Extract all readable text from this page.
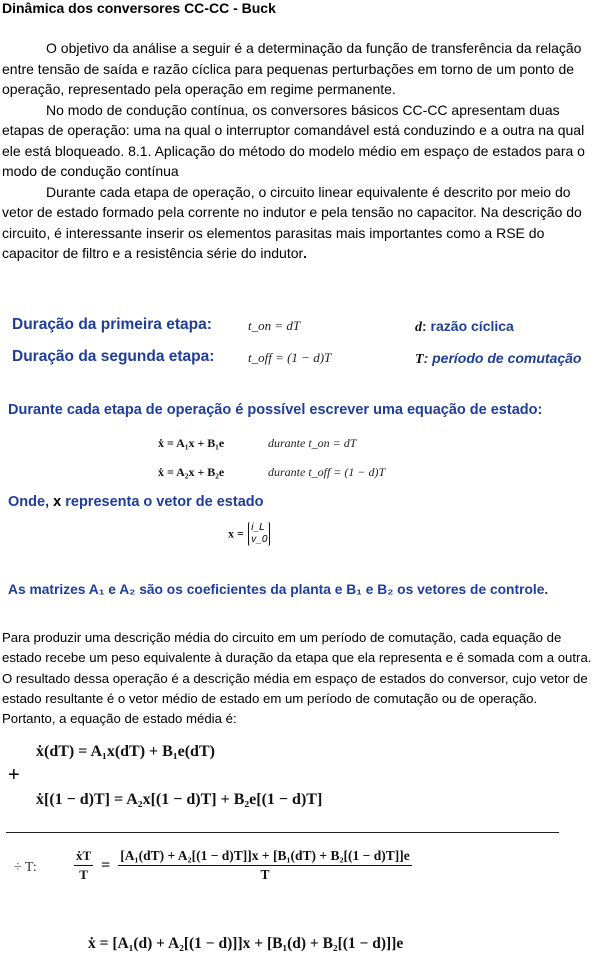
Dinâmica dos conversores CC-CC - Buck

O objetivo da análise a seguir é a determinação da função de transferência da relação entre tensão de saída e razão cíclica para pequenas perturbações em torno de um ponto de operação, representado pela operação em regime permanente.
No modo de condução contínua, os conversores básicos CC-CC apresentam duas etapas de operação: uma na qual o interruptor comandável está conduzindo e a outra na qual ele está bloqueado. 8.1. Aplicação do método do modelo médio em espaço de estados para o modo de condução contínua
Durante cada etapa de operação, o circuito linear equivalente é descrito por meio do vetor de estado formado pela corrente no indutor e pela tensão no capacitor. Na descrição do circuito, é interessante inserir os elementos parasitas mais importantes como a RSE do capacitor de filtro e a resistência série do indutor.

Duração da primeira etapa:	t_on = dT	d: razão cíclica
Duração da segunda etapa:	t_off = (1 − d)T	T: período de comutação
Durante cada etapa de operação é possível escrever uma equação de estado:
ẋ = A₁x + B₁e	durante t_on = dT
ẋ = A₂x + B₂e	durante t_off = (1 − d)T
Onde, x representa o vetor de estado
x = i_L
v_0
As matrizes A₁ e A₂ são os coeficientes da planta e B₁ e B₂ os vetores de controle.

Para produzir uma descrição média do circuito em um período de comutação, cada equação de estado recebe um peso equivalente à duração da etapa que ela representa e é somada com a outra. O resultado dessa operação é a descrição média em espaço de estados do conversor, cujo vetor de estado resultante é o vetor médio de estado em um período de comutação ou de operação. Portanto, a equação de estado média é:

ẋ(dT) = A₁x(dT) + B₁e(dT)
+
ẋ[(1 − d)T] = A₂x[(1 − d)T] + B₂e[(1 − d)T]
÷ T:	$\frac{\text{ẋT}}{T} = \frac{\text{[A₁(dT) + A₂[(1 − d)T]]x + [B₁(dT) + B₂[(1 − d)T]]e}}{T}$
ẋ = [A₁(d) + A₂[(1 − d)]]x + [B₁(d) + B₂[(1 − d)]]e
